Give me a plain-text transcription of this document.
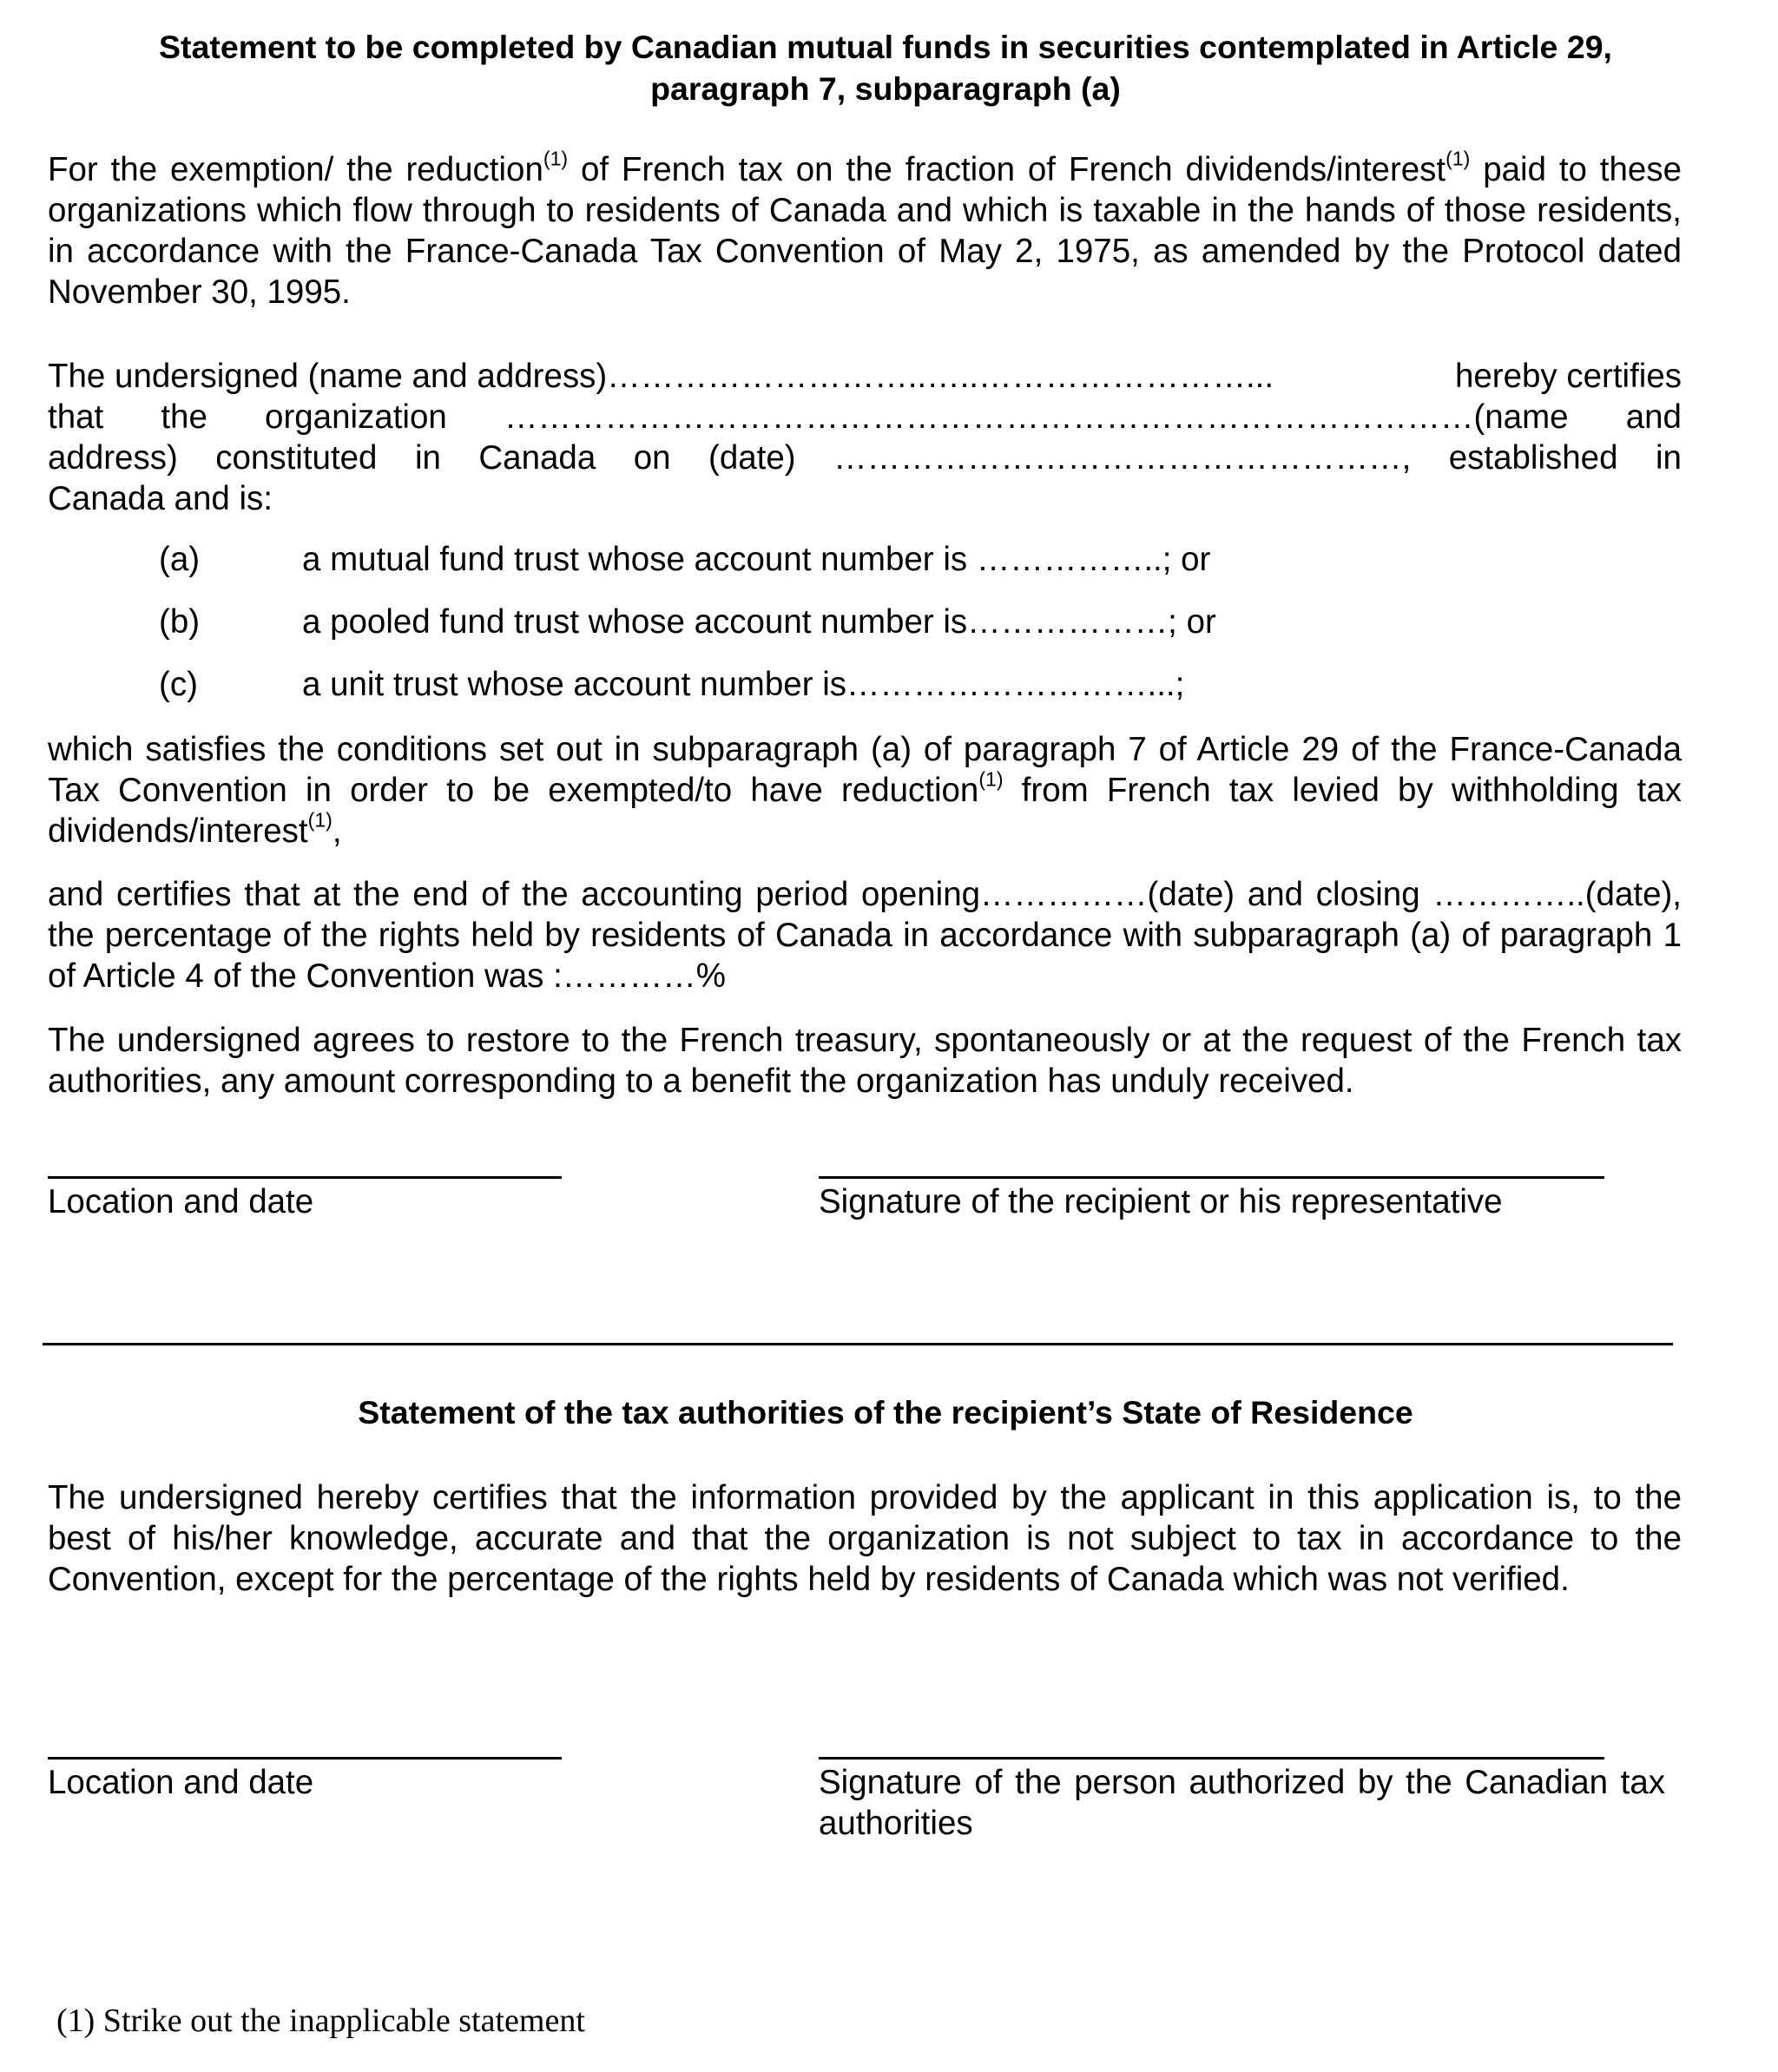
Statement to be completed by Canadian mutual funds in securities contemplated in Article 29,
paragraph 7, subparagraph (a)
For the exemption/ the reduction$^{(1)}$ of French tax on the fraction of French dividends/interest$^{(1)}$ paid to these organizations which flow through to residents of Canada and which is taxable in the hands of those residents, in accordance with the France-Canada Tax Convention of May 2, 1975, as amended by the Protocol dated November 30, 1995.
The undersigned (name and address)………………………..…..……………………...	hereby certifies
that the organization ……………………………………………………………………………(name and
address) constituted in Canada on (date) ……………………………………………, established in
Canada and is:
(a)	a mutual fund trust whose account number is ……………..; or
(b)	a pooled fund trust whose account number is………………; or
(c)	a unit trust whose account number is………………………...;
which satisfies the conditions set out in subparagraph (a) of paragraph 7 of Article 29 of the France-Canada Tax Convention in order to be exempted/to have reduction$^{(1)}$ from French tax levied by withholding tax dividends/interest$^{(1)}$,
and certifies that at the end of the accounting period opening……………(date) and closing …………..(date), the percentage of the rights held by residents of Canada in accordance with subparagraph (a) of paragraph 1 of Article 4 of the Convention was :…………%
The undersigned agrees to restore to the French treasury, spontaneously or at the request of the French tax authorities, any amount corresponding to a benefit the organization has unduly received.
Location and date	Signature of the recipient or his representative
Statement of the tax authorities of the recipient’s State of Residence
The undersigned hereby certifies that the information provided by the applicant in this application is, to the best of his/her knowledge, accurate and that the organization is not subject to tax in accordance to the Convention, except for the percentage of the rights held by residents of Canada which was not verified.
Location and date	Signature of the person authorized by the Canadian tax authorities
(1) Strike out the inapplicable statement
